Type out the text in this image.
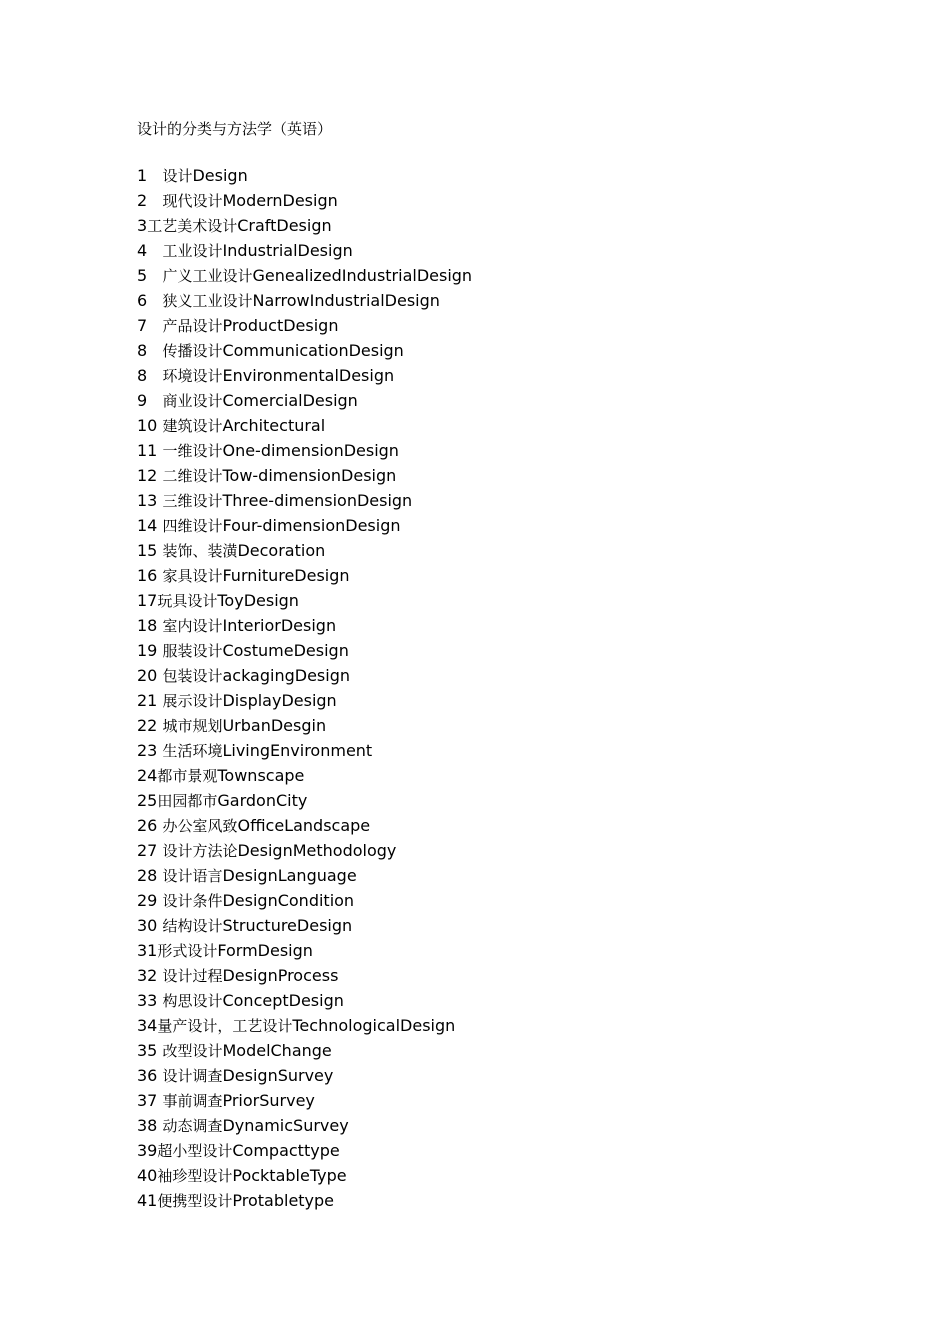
设计的分类与方法学（英语）
1 设计Design
2 现代设计ModernDesign
3工艺美术设计CraftDesign
4 工业设计IndustrialDesign
5 广义工业设计GenealizedIndustrialDesign
6 狭义工业设计NarrowIndustrialDesign
7 产品设计ProductDesign
8 传播设计CommunicationDesign
8 环境设计EnvironmentalDesign
9 商业设计ComercialDesign
10 建筑设计Architectural
11 一维设计One-dimensionDesign
12 二维设计Tow-dimensionDesign
13 三维设计Three-dimensionDesign
14 四维设计Four-dimensionDesign
15 装饰、装潢Decoration
16 家具设计FurnitureDesign
17玩具设计ToyDesign
18 室内设计InteriorDesign
19 服装设计CostumeDesign
20 包装设计ackagingDesign
21 展示设计DisplayDesign
22 城市规划UrbanDesgin
23 生活环境LivingEnvironment
24都市景观Townscape
25田园都市GardonCity
26 办公室风致OfficeLandscape
27 设计方法论DesignMethodology
28 设计语言DesignLanguage
29 设计条件DesignCondition
30 结构设计StructureDesign
31形式设计FormDesign
32 设计过程DesignProcess
33 构思设计ConceptDesign
34量产设计，工艺设计TechnologicalDesign
35 改型设计ModelChange
36 设计调查DesignSurvey
37 事前调查PriorSurvey
38 动态调查DynamicSurvey
39超小型设计Compacttype
40袖珍型设计PocktableType
41便携型设计Protabletype
